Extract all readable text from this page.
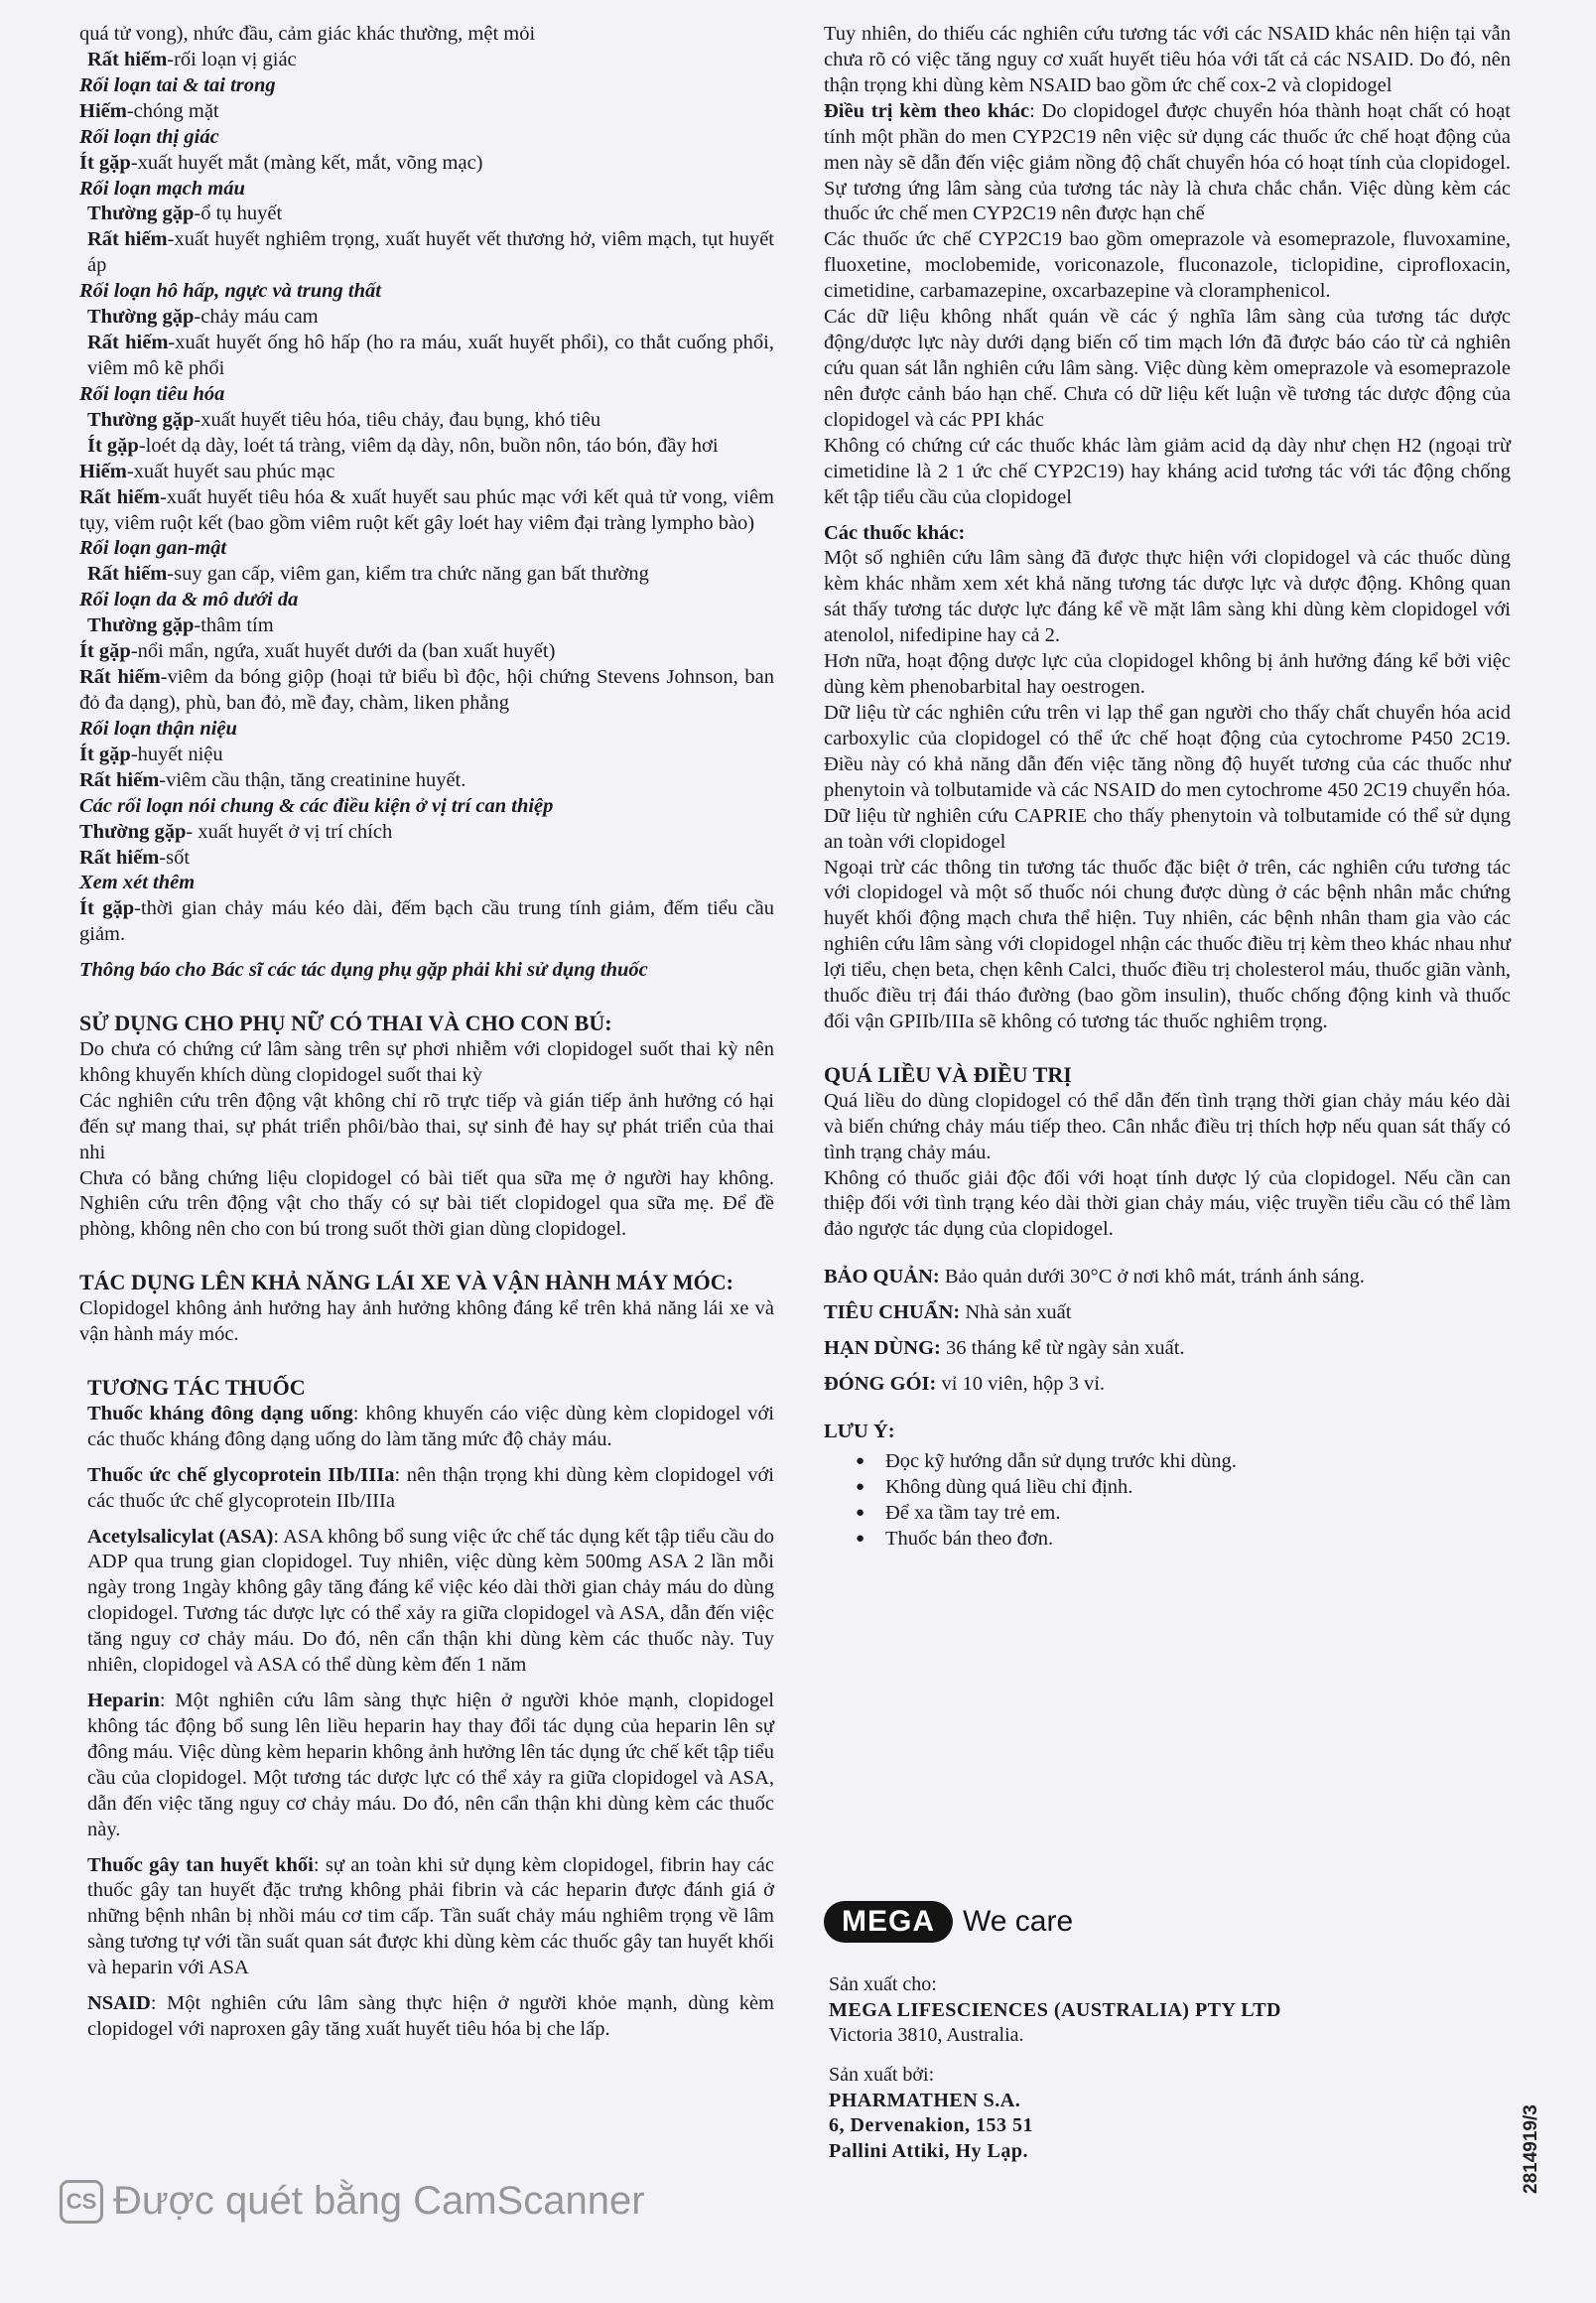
quá tử vong), nhức đầu, cảm giác khác thường, mệt mỏi

Rất hiếm-rối loạn vị giác

Rối loạn tai & tai trong

Hiếm-chóng mặt

Rối loạn thị giác

Ít gặp-xuất huyết mắt (màng kết, mắt, võng mạc)

Rối loạn mạch máu

Thường gặp-ổ tụ huyết

Rất hiếm-xuất huyết nghiêm trọng, xuất huyết vết thương hở, viêm mạch, tụt huyết áp

Rối loạn hô hấp, ngực và trung thất

Thường gặp-chảy máu cam

Rất hiếm-xuất huyết ống hô hấp (ho ra máu, xuất huyết phổi), co thắt cuống phổi, viêm mô kẽ phổi

Rối loạn tiêu hóa

Thường gặp-xuất huyết tiêu hóa, tiêu chảy, đau bụng, khó tiêu

Ít gặp-loét dạ dày, loét tá tràng, viêm dạ dày, nôn, buồn nôn, táo bón, đầy hơi

Hiếm-xuất huyết sau phúc mạc

Rất hiếm-xuất huyết tiêu hóa & xuất huyết sau phúc mạc với kết quả tử vong, viêm tụy, viêm ruột kết (bao gồm viêm ruột kết gây loét hay viêm đại tràng lympho bào)

Rối loạn gan-mật

Rất hiếm-suy gan cấp, viêm gan, kiểm tra chức năng gan bất thường

Rối loạn da & mô dưới da

Thường gặp-thâm tím

Ít gặp-nổi mẩn, ngứa, xuất huyết dưới da (ban xuất huyết)

Rất hiếm-viêm da bóng giộp (hoại tử biểu bì độc, hội chứng Stevens Johnson, ban đỏ đa dạng), phù, ban đỏ, mề đay, chàm, liken phẳng

Rối loạn thận niệu

Ít gặp-huyết niệu

Rất hiếm-viêm cầu thận, tăng creatinine huyết.

Các rối loạn nói chung & các điều kiện ở vị trí can thiệp

Thường gặp- xuất huyết ở vị trí chích

Rất hiếm-sốt

Xem xét thêm

Ít gặp-thời gian chảy máu kéo dài, đếm bạch cầu trung tính giảm, đếm tiểu cầu giảm.

Thông báo cho Bác sĩ các tác dụng phụ gặp phải khi sử dụng thuốc

SỬ DỤNG CHO PHỤ NỮ CÓ THAI VÀ CHO CON BÚ:

Do chưa có chứng cứ lâm sàng trên sự phơi nhiễm với clopidogel suốt thai kỳ nên không khuyến khích dùng clopidogel suốt thai kỳ

Các nghiên cứu trên động vật không chỉ rõ trực tiếp và gián tiếp ảnh hưởng có hại đến sự mang thai, sự phát triển phôi/bào thai, sự sinh đẻ hay sự phát triển của thai nhi

Chưa có bằng chứng liệu clopidogel có bài tiết qua sữa mẹ ở người hay không. Nghiên cứu trên động vật cho thấy có sự bài tiết clopidogel qua sữa mẹ. Để đề phòng, không nên cho con bú trong suốt thời gian dùng clopidogel.

TÁC DỤNG LÊN KHẢ NĂNG LÁI XE VÀ VẬN HÀNH MÁY MÓC:

Clopidogel không ảnh hưởng hay ảnh hưởng không đáng kể trên khả năng lái xe và vận hành máy móc.

TƯƠNG TÁC THUỐC

Thuốc kháng đông dạng uống: không khuyến cáo việc dùng kèm clopidogel với các thuốc kháng đông dạng uống do làm tăng mức độ chảy máu.

Thuốc ức chế glycoprotein IIb/IIIa: nên thận trọng khi dùng kèm clopidogel với các thuốc ức chế glycoprotein IIb/IIIa

Acetylsalicylat (ASA): ASA không bổ sung việc ức chế tác dụng kết tập tiểu cầu do ADP qua trung gian clopidogel. Tuy nhiên, việc dùng kèm 500mg ASA 2 lần mỗi ngày trong 1ngày không gây tăng đáng kể việc kéo dài thời gian chảy máu do dùng clopidogel. Tương tác dược lực có thể xảy ra giữa clopidogel và ASA, dẫn đến việc tăng nguy cơ chảy máu. Do đó, nên cẩn thận khi dùng kèm các thuốc này. Tuy nhiên, clopidogel và ASA có thể dùng kèm đến 1 năm

Heparin: Một nghiên cứu lâm sàng thực hiện ở người khỏe mạnh, clopidogel không tác động bổ sung lên liều heparin hay thay đổi tác dụng của heparin lên sự đông máu. Việc dùng kèm heparin không ảnh hưởng lên tác dụng ức chế kết tập tiểu cầu của clopidogel. Một tương tác dược lực có thể xảy ra giữa clopidogel và ASA, dẫn đến việc tăng nguy cơ chảy máu. Do đó, nên cẩn thận khi dùng kèm các thuốc này.

Thuốc gây tan huyết khối: sự an toàn khi sử dụng kèm clopidogel, fibrin hay các thuốc gây tan huyết đặc trưng không phải fibrin và các heparin được đánh giá ở những bệnh nhân bị nhồi máu cơ tim cấp. Tần suất chảy máu nghiêm trọng về lâm sàng tương tự với tần suất quan sát được khi dùng kèm các thuốc gây tan huyết khối và heparin với ASA

NSAID: Một nghiên cứu lâm sàng thực hiện ở người khỏe mạnh, dùng kèm clopidogel với naproxen gây tăng xuất huyết tiêu hóa bị che lấp.

Tuy nhiên, do thiếu các nghiên cứu tương tác với các NSAID khác nên hiện tại vẫn chưa rõ có việc tăng nguy cơ xuất huyết tiêu hóa với tất cả các NSAID. Do đó, nên thận trọng khi dùng kèm NSAID bao gồm ức chế cox-2 và clopidogel

Điều trị kèm theo khác: Do clopidogel được chuyển hóa thành hoạt chất có hoạt tính một phần do men CYP2C19 nên việc sử dụng các thuốc ức chế hoạt động của men này sẽ dẫn đến việc giảm nồng độ chất chuyển hóa có hoạt tính của clopidogel. Sự tương ứng lâm sàng của tương tác này là chưa chắc chắn. Việc dùng kèm các thuốc ức chế men CYP2C19 nên được hạn chế

Các thuốc ức chế CYP2C19 bao gồm omeprazole và esomeprazole, fluvoxamine, fluoxetine, moclobemide, voriconazole, fluconazole, ticlopidine, ciprofloxacin, cimetidine, carbamazepine, oxcarbazepine và cloramphenicol.

Các dữ liệu không nhất quán về các ý nghĩa lâm sàng của tương tác dược động/dược lực này dưới dạng biến cố tim mạch lớn đã được báo cáo từ cả nghiên cứu quan sát lẫn nghiên cứu lâm sàng. Việc dùng kèm omeprazole và esomeprazole nên được cảnh báo hạn chế. Chưa có dữ liệu kết luận về tương tác dược động của clopidogel và các PPI khác

Không có chứng cứ các thuốc khác làm giảm acid dạ dày như chẹn H2 (ngoại trừ cimetidine là 2 1 ức chế CYP2C19) hay kháng acid tương tác với tác động chống kết tập tiểu cầu của clopidogel

Các thuốc khác:

Một số nghiên cứu lâm sàng đã được thực hiện với clopidogel và các thuốc dùng kèm khác nhằm xem xét khả năng tương tác dược lực và dược động. Không quan sát thấy tương tác dược lực đáng kể về mặt lâm sàng khi dùng kèm clopidogel với atenolol, nifedipine hay cả 2.

Hơn nữa, hoạt động dược lực của clopidogel không bị ảnh hưởng đáng kể bởi việc dùng kèm phenobarbital hay oestrogen.

Dữ liệu từ các nghiên cứu trên vi lạp thể gan người cho thấy chất chuyển hóa acid carboxylic của clopidogel có thể ức chế hoạt động của cytochrome P450 2C19. Điều này có khả năng dẫn đến việc tăng nồng độ huyết tương của các thuốc như phenytoin và tolbutamide và các NSAID do men cytochrome 450 2C19 chuyển hóa. Dữ liệu từ nghiên cứu CAPRIE cho thấy phenytoin và tolbutamide có thể sử dụng an toàn với clopidogel

Ngoại trừ các thông tin tương tác thuốc đặc biệt ở trên, các nghiên cứu tương tác với clopidogel và một số thuốc nói chung được dùng ở các bệnh nhân mắc chứng huyết khối động mạch chưa thể hiện. Tuy nhiên, các bệnh nhân tham gia vào các nghiên cứu lâm sàng với clopidogel nhận các thuốc điều trị kèm theo khác nhau như lợi tiểu, chẹn beta, chẹn kênh Calci, thuốc điều trị cholesterol máu, thuốc giãn vành, thuốc điều trị đái tháo đường (bao gồm insulin), thuốc chống động kinh và thuốc đối vận GPIIb/IIIa sẽ không có tương tác thuốc nghiêm trọng.

QUÁ LIỀU VÀ ĐIỀU TRỊ

Quá liều do dùng clopidogel có thể dẫn đến tình trạng thời gian chảy máu kéo dài và biến chứng chảy máu tiếp theo. Cân nhắc điều trị thích hợp nếu quan sát thấy có tình trạng chảy máu.

Không có thuốc giải độc đối với hoạt tính dược lý của clopidogel. Nếu cần can thiệp đối với tình trạng kéo dài thời gian chảy máu, việc truyền tiểu cầu có thể làm đảo ngược tác dụng của clopidogel.

BẢO QUẢN: Bảo quản dưới 30°C ở nơi khô mát, tránh ánh sáng.

TIÊU CHUẨN: Nhà sản xuất

HẠN DÙNG: 36 tháng kể từ ngày sản xuất.

ĐÓNG GÓI: vỉ 10 viên, hộp 3 vỉ.

LƯU Ý:

● Đọc kỹ hướng dẫn sử dụng trước khi dùng.
● Không dùng quá liều chỉ định.
● Để xa tầm tay trẻ em.
● Thuốc bán theo đơn.
MEGA We care

Sản xuất cho:

MEGA LIFESCIENCES (AUSTRALIA) PTY LTD

Victoria 3810, Australia.

Sản xuất bởi:

PHARMATHEN S.A.

6, Dervenakion, 153 51

Pallini Attiki, Hy Lạp.	2814919/3
CS Được quét bằng CamScanner
